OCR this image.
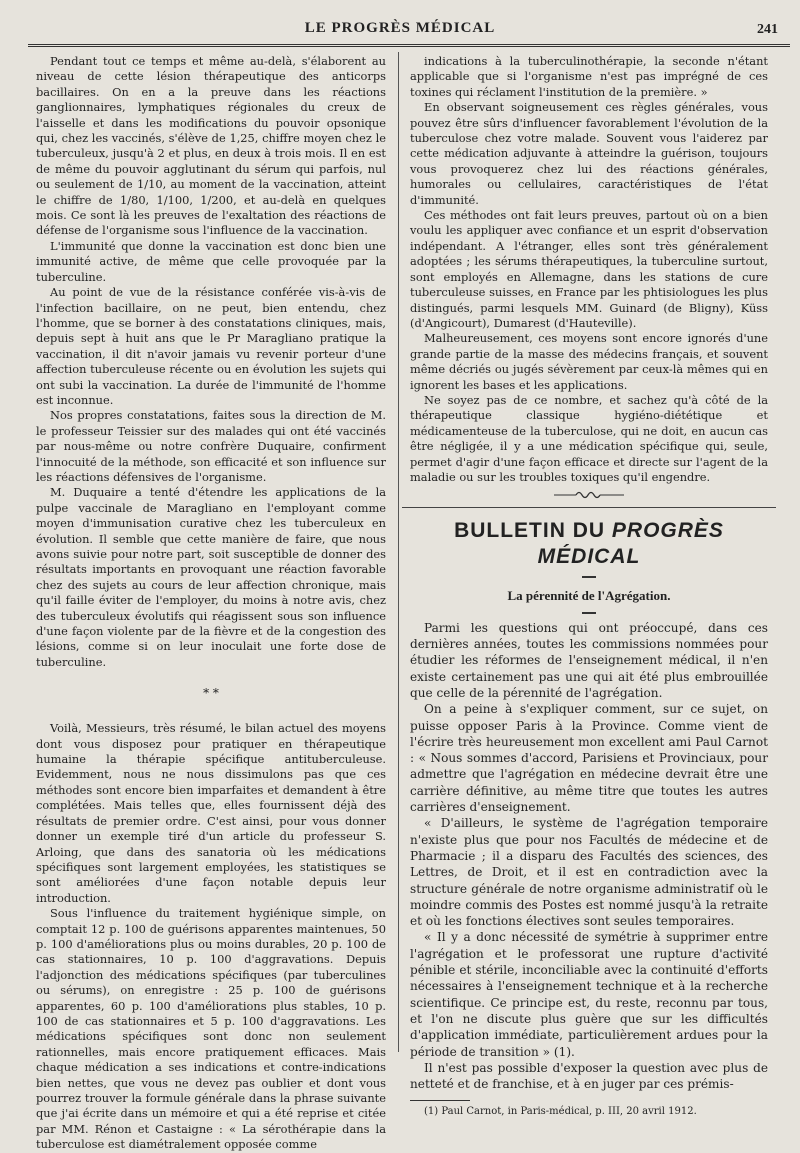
LE PROGRÈS MÉDICAL	241

Pendant tout ce temps et même au-delà, s'élaborent au niveau de cette lésion thérapeutique des anticorps bacillaires. On en a la preuve dans les réactions ganglionnaires, lymphatiques régionales du creux de l'aisselle et dans les modifications du pouvoir opsonique qui, chez les vaccinés, s'élève de 1,25, chiffre moyen chez le tuberculeux, jusqu'à 2 et plus, en deux à trois mois. Il en est de même du pouvoir agglutinant du sérum qui parfois, nul ou seulement de 1/10, au moment de la vaccination, atteint le chiffre de 1/80, 1/100, 1/200, et au-delà en quelques mois. Ce sont là les preuves de l'exaltation des réactions de défense de l'organisme sous l'influence de la vaccination.

L'immunité que donne la vaccination est donc bien une immunité active, de même que celle provoquée par la tuberculine.

Au point de vue de la résistance conférée vis-à-vis de l'infection bacillaire, on ne peut, bien entendu, chez l'homme, que se borner à des constatations cliniques, mais, depuis sept à huit ans que le Pr Maragliano pratique la vaccination, il dit n'avoir jamais vu revenir porteur d'une affection tuberculeuse récente ou en évolution les sujets qui ont subi la vaccination. La durée de l'immunité de l'homme est inconnue.

Nos propres constatations, faites sous la direction de M. le professeur Teissier sur des malades qui ont été vaccinés par nous-même ou notre confrère Duquaire, confirment l'innocuité de la méthode, son efficacité et son influence sur les réactions défensives de l'organisme.

M. Duquaire a tenté d'étendre les applications de la pulpe vaccinale de Maragliano en l'employant comme moyen d'immunisation curative chez les tuberculeux en évolution. Il semble que cette manière de faire, que nous avons suivie pour notre part, soit susceptible de donner des résultats importants en provoquant une réaction favorable chez des sujets au cours de leur affection chronique, mais qu'il faille éviter de l'employer, du moins à notre avis, chez des tuberculeux évolutifs qui réagissent sous son influence d'une façon violente par de la fièvre et de la congestion des lésions, comme si on leur inoculait une forte dose de tuberculine.

* *

Voilà, Messieurs, très résumé, le bilan actuel des moyens dont vous disposez pour pratiquer en thérapeutique humaine la thérapie spécifique antituberculeuse. Evidemment, nous ne nous dissimulons pas que ces méthodes sont encore bien imparfaites et demandent à être complétées. Mais telles que, elles fournissent déjà des résultats de premier ordre. C'est ainsi, pour vous donner donner un exemple tiré d'un article du professeur S. Arloing, que dans des sanatoria où les médications spécifiques sont largement employées, les statistiques se sont améliorées d'une façon notable depuis leur introduction.

Sous l'influence du traitement hygiénique simple, on comptait 12 p. 100 de guérisons apparentes maintenues, 50 p. 100 d'améliorations plus ou moins durables, 20 p. 100 de cas stationnaires, 10 p. 100 d'aggravations. Depuis l'adjonction des médications spécifiques (par tuberculines ou sérums), on enregistre : 25 p. 100 de guérisons apparentes, 60 p. 100 d'améliorations plus stables, 10 p. 100 de cas stationnaires et 5 p. 100 d'aggravations. Les médications spécifiques sont donc non seulement rationnelles, mais encore pratiquement efficaces. Mais chaque médication a ses indications et contre-indications bien nettes, que vous ne devez pas oublier et dont vous pourrez trouver la formule générale dans la phrase suivante que j'ai écrite dans un mémoire et qui a été reprise et citée par MM. Rénon et Castaigne : « La sérothérapie dans la tuberculose est diamétralement opposée comme

indications à la tuberculinothérapie, la seconde n'étant applicable que si l'organisme n'est pas imprégné de ces toxines qui réclament l'institution de la première. »

En observant soigneusement ces règles générales, vous pouvez être sûrs d'influencer favorablement l'évolution de la tuberculose chez votre malade. Souvent vous l'aiderez par cette médication adjuvante à atteindre la guérison, toujours vous provoquerez chez lui des réactions générales, humorales ou cellulaires, caractéristiques de l'état d'immunité.

Ces méthodes ont fait leurs preuves, partout où on a bien voulu les appliquer avec confiance et un esprit d'observation indépendant. A l'étranger, elles sont très généralement adoptées ; les sérums thérapeutiques, la tuberculine surtout, sont employés en Allemagne, dans les stations de cure tuberculeuse suisses, en France par les phtisiologues les plus distingués, parmi lesquels MM. Guinard (de Bligny), Küss (d'Angicourt), Dumarest (d'Hauteville).

Malheureusement, ces moyens sont encore ignorés d'une grande partie de la masse des médecins français, et souvent même décriés ou jugés sévèrement par ceux-là mêmes qui en ignorent les bases et les applications.

Ne soyez pas de ce nombre, et sachez qu'à côté de la thérapeutique classique hygiéno-diététique et médicamenteuse de la tuberculose, qui ne doit, en aucun cas être négligée, il y a une médication spécifique qui, seule, permet d'agir d'une façon efficace et directe sur l'agent de la maladie ou sur les troubles toxiques qu'il engendre.

BULLETIN DU PROGRÈS MÉDICAL
La pérennité de l'Agrégation.

Parmi les questions qui ont préoccupé, dans ces dernières années, toutes les commissions nommées pour étudier les réformes de l'enseignement médical, il n'en existe certainement pas une qui ait été plus embrouillée que celle de la pérennité de l'agrégation.

On a peine à s'expliquer comment, sur ce sujet, on puisse opposer Paris à la Province. Comme vient de l'écrire très heureusement mon excellent ami Paul Carnot : « Nous sommes d'accord, Parisiens et Provinciaux, pour admettre que l'agrégation en médecine devrait être une carrière définitive, au même titre que toutes les autres carrières d'enseignement.

« D'ailleurs, le système de l'agrégation temporaire n'existe plus que pour nos Facultés de médecine et de Pharmacie ; il a disparu des Facultés des sciences, des Lettres, de Droit, et il est en contradiction avec la structure générale de notre organisme administratif où le moindre commis des Postes est nommé jusqu'à la retraite et où les fonctions électives sont seules temporaires.

« Il y a donc nécessité de symétrie à supprimer entre l'agrégation et le professorat une rupture d'activité pénible et stérile, inconciliable avec la continuité d'efforts nécessaires à l'enseignement technique et à la recherche scientifique. Ce principe est, du reste, reconnu par tous, et l'on ne discute plus guère que sur les difficultés d'application immédiate, particulièrement ardues pour la période de transition » (1).

Il n'est pas possible d'exposer la question avec plus de netteté et de franchise, et à en juger par ces prémis-

(1) Paul Carnot, in Paris-médical, p. III, 20 avril 1912.
